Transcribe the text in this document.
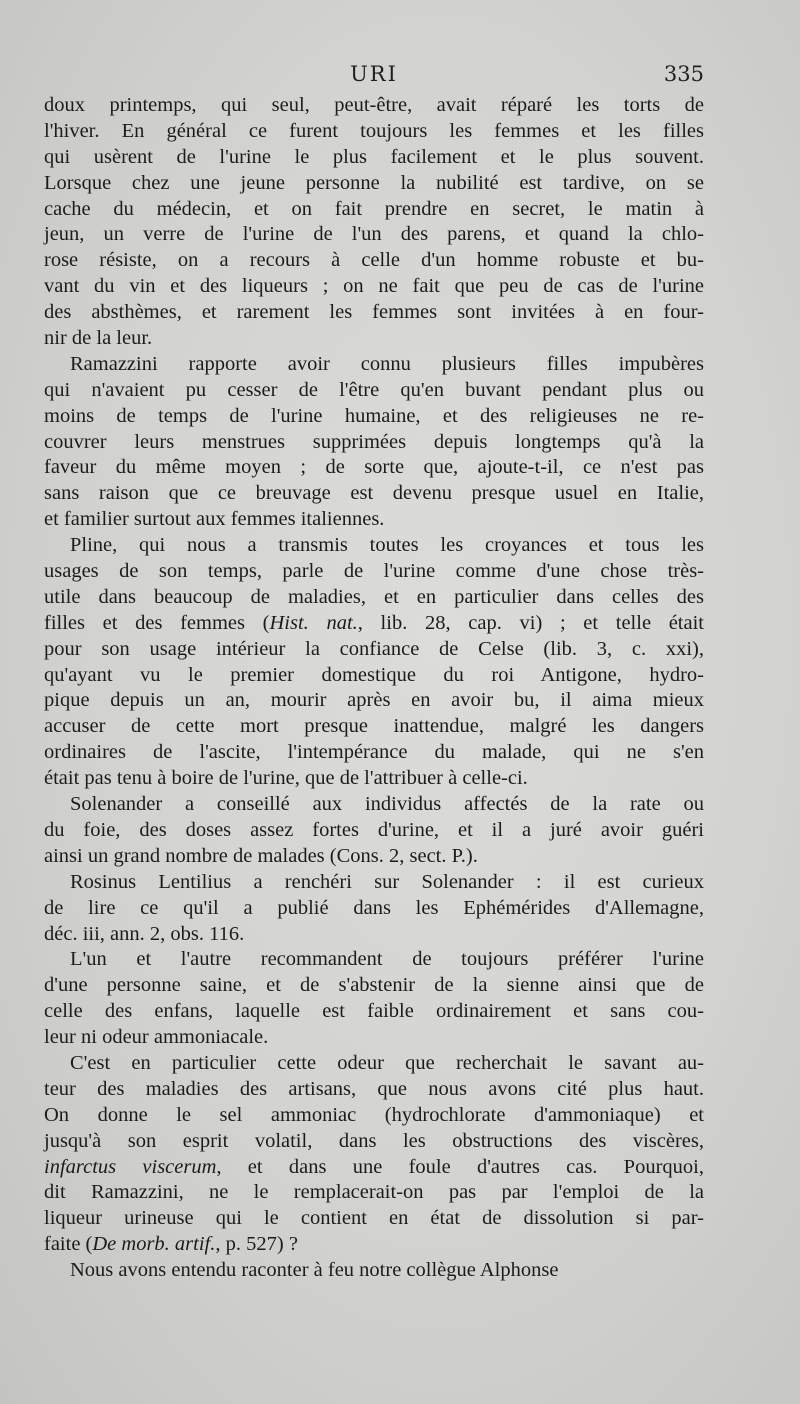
URI	335
doux printemps, qui seul, peut-être, avait réparé les torts de
l'hiver. En général ce furent toujours les femmes et les filles
qui usèrent de l'urine le plus facilement et le plus souvent.
Lorsque chez une jeune personne la nubilité est tardive, on se
cache du médecin, et on fait prendre en secret, le matin à
jeun, un verre de l'urine de l'un des parens, et quand la chlo-
rose résiste, on a recours à celle d'un homme robuste et bu-
vant du vin et des liqueurs ; on ne fait que peu de cas de l'urine
des absthèmes, et rarement les femmes sont invitées à en four-
nir de la leur.
Ramazzini rapporte avoir connu plusieurs filles impubères
qui n'avaient pu cesser de l'être qu'en buvant pendant plus ou
moins de temps de l'urine humaine, et des religieuses ne re-
couvrer leurs menstrues supprimées depuis longtemps qu'à la
faveur du même moyen ; de sorte que, ajoute-t-il, ce n'est pas
sans raison que ce breuvage est devenu presque usuel en Italie,
et familier surtout aux femmes italiennes.
Pline, qui nous a transmis toutes les croyances et tous les
usages de son temps, parle de l'urine comme d'une chose très-
utile dans beaucoup de maladies, et en particulier dans celles des
filles et des femmes (Hist. nat., lib. 28, cap. vi) ; et telle était
pour son usage intérieur la confiance de Celse (lib. 3, c. xxi),
qu'ayant vu le premier domestique du roi Antigone, hydro-
pique depuis un an, mourir après en avoir bu, il aima mieux
accuser de cette mort presque inattendue, malgré les dangers
ordinaires de l'ascite, l'intempérance du malade, qui ne s'en
était pas tenu à boire de l'urine, que de l'attribuer à celle-ci.
Solenander a conseillé aux individus affectés de la rate ou
du foie, des doses assez fortes d'urine, et il a juré avoir guéri
ainsi un grand nombre de malades (Cons. 2, sect. P.).
Rosinus Lentilius a renchéri sur Solenander : il est curieux
de lire ce qu'il a publié dans les Ephémérides d'Allemagne,
déc. iii, ann. 2, obs. 116.
L'un et l'autre recommandent de toujours préférer l'urine
d'une personne saine, et de s'abstenir de la sienne ainsi que de
celle des enfans, laquelle est faible ordinairement et sans cou-
leur ni odeur ammoniacale.
C'est en particulier cette odeur que recherchait le savant au-
teur des maladies des artisans, que nous avons cité plus haut.
On donne le sel ammoniac (hydrochlorate d'ammoniaque) et
jusqu'à son esprit volatil, dans les obstructions des viscères,
infarctus viscerum, et dans une foule d'autres cas. Pourquoi,
dit Ramazzini, ne le remplacerait-on pas par l'emploi de la
liqueur urineuse qui le contient en état de dissolution si par-
faite (De morb. artif., p. 527) ?
Nous avons entendu raconter à feu notre collègue Alphonse
